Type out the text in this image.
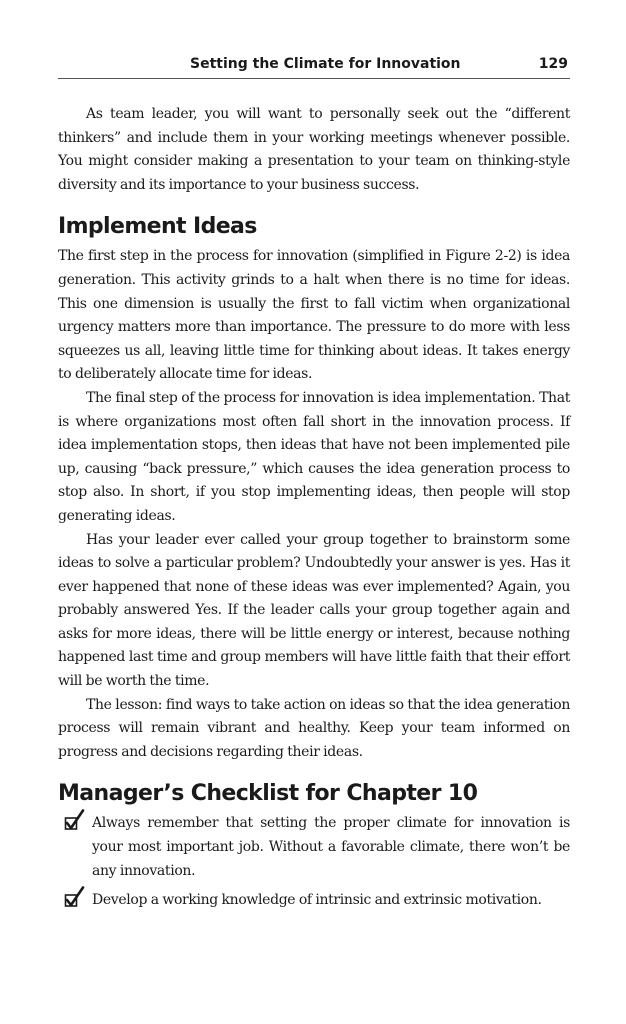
Setting the Climate for Innovation	129

As team leader, you will want to personally seek out the “different thinkers” and include them in your working meetings whenever possible. You might consider making a presentation to your team on thinking-style diversity and its importance to your business success.

Implement Ideas

The first step in the process for innovation (simplified in Figure 2-2) is idea generation. This activity grinds to a halt when there is no time for ideas. This one dimension is usually the first to fall victim when organizational urgency matters more than importance. The pressure to do more with less squeezes us all, leaving little time for thinking about ideas. It takes energy to deliberately allocate time for ideas.

The final step of the process for innovation is idea implementation. That is where organizations most often fall short in the innovation process. If idea implementation stops, then ideas that have not been implemented pile up, causing “back pressure,” which causes the idea generation process to stop also. In short, if you stop implementing ideas, then people will stop generating ideas.

Has your leader ever called your group together to brainstorm some ideas to solve a particular problem? Undoubtedly your answer is yes. Has it ever happened that none of these ideas was ever implemented? Again, you probably answered Yes. If the leader calls your group together again and asks for more ideas, there will be little energy or interest, because nothing happened last time and group members will have little faith that their effort will be worth the time.

The lesson: find ways to take action on ideas so that the idea generation process will remain vibrant and healthy. Keep your team informed on progress and decisions regarding their ideas.

Manager’s Checklist for Chapter 10
Always remember that setting the proper climate for innovation is your most important job. Without a favorable climate, there won’t be any innovation.
Develop a working knowledge of intrinsic and extrinsic motivation.
